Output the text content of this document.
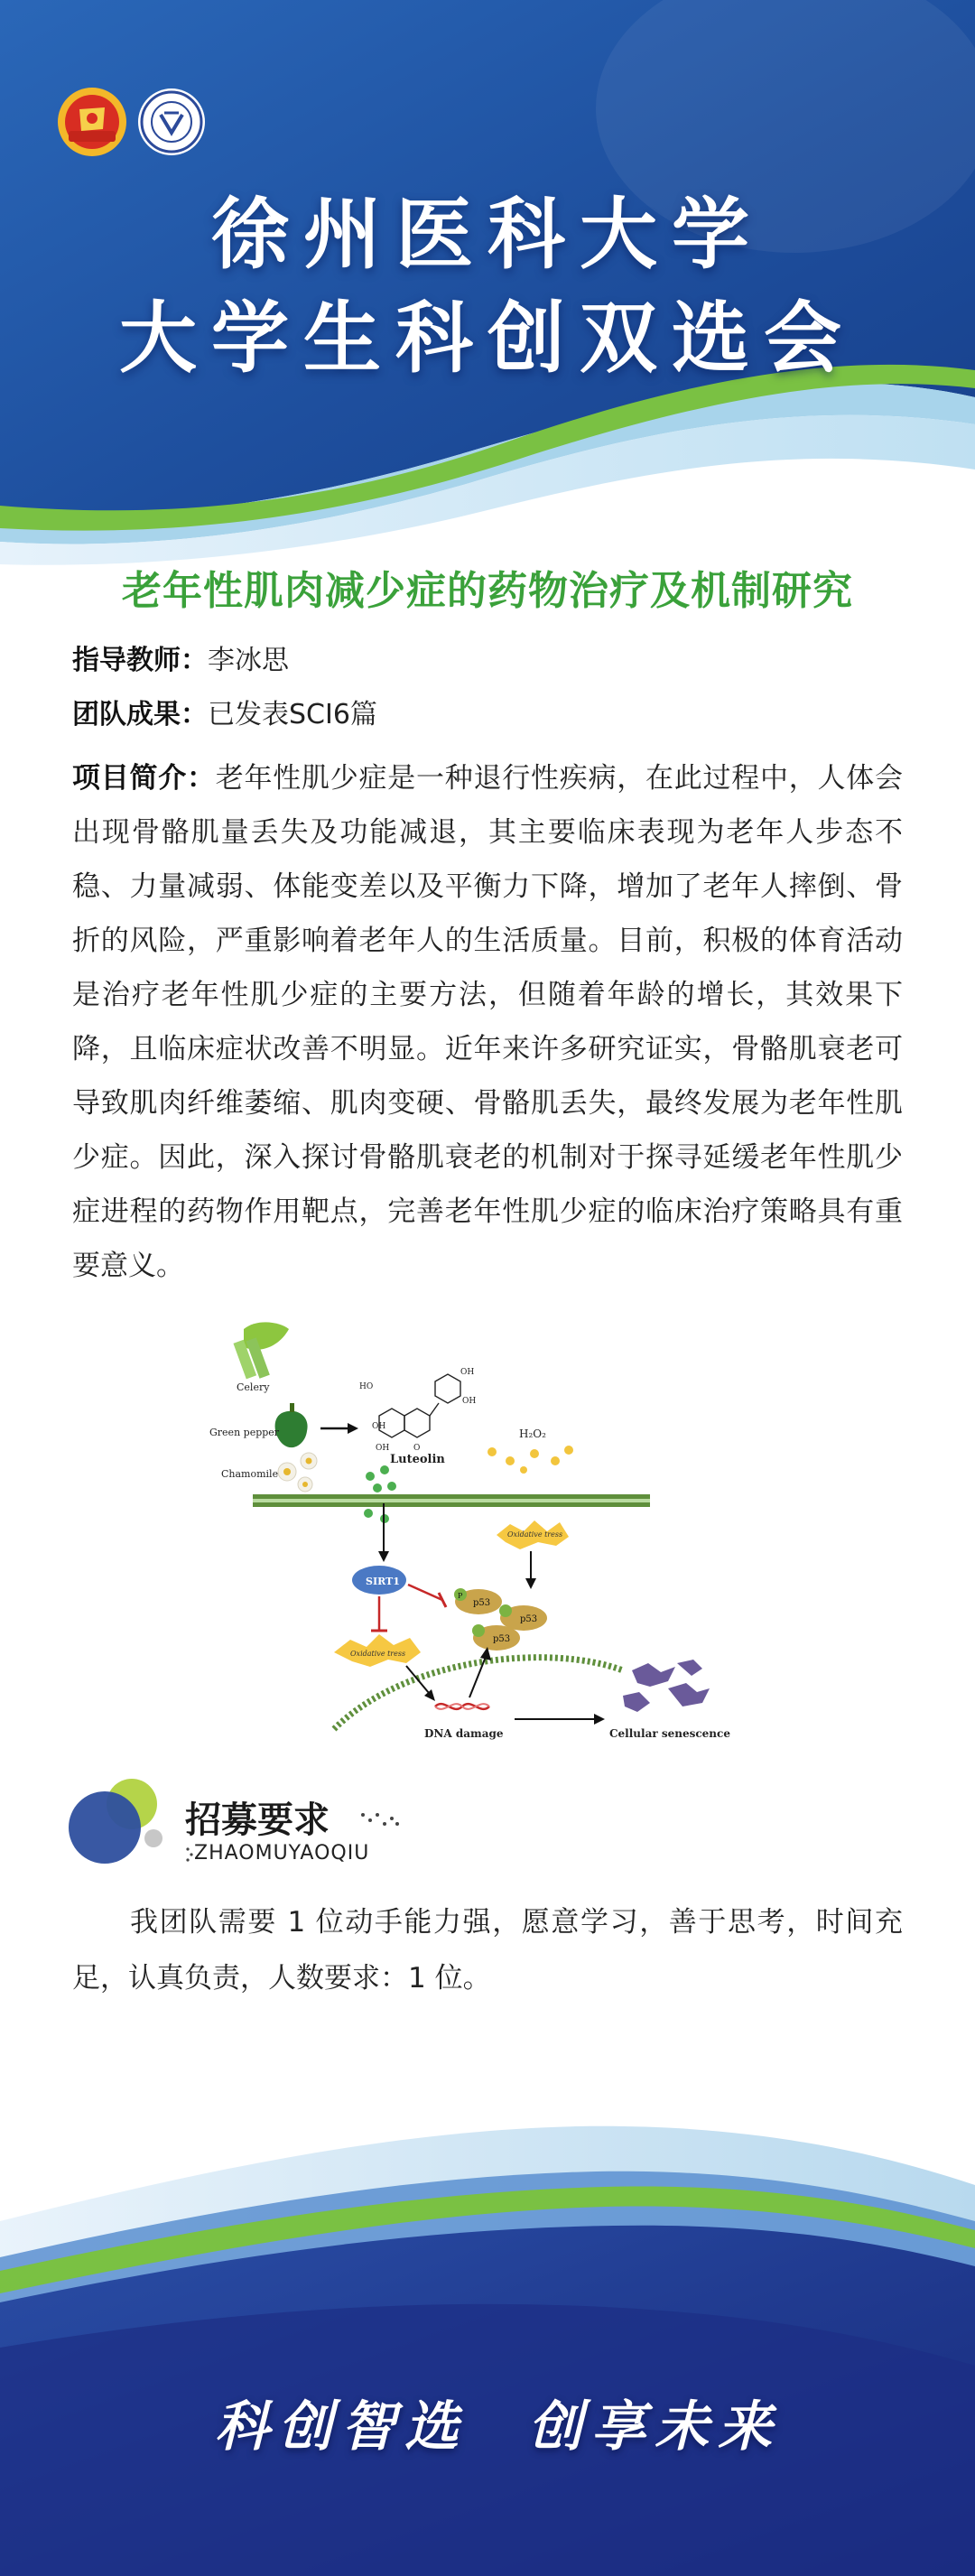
徐州医科大学
大学生科创双选会
老年性肌肉减少症的药物治疗及机制研究
指导教师：李冰思
团队成果：已发表SCI6篇
项目简介：老年性肌少症是一种退行性疾病，在此过程中，人体会出现骨骼肌量丢失及功能减退，其主要临床表现为老年人步态不稳、力量减弱、体能变差以及平衡力下降，增加了老年人摔倒、骨折的风险，严重影响着老年人的生活质量。目前，积极的体育活动是治疗老年性肌少症的主要方法，但随着年龄的增长，其效果下降，且临床症状改善不明显。近年来许多研究证实，骨骼肌衰老可导致肌肉纤维萎缩、肌肉变硬、骨骼肌丢失，最终发展为老年性肌少症。因此，深入探讨骨骼肌衰老的机制对于探寻延缓老年性肌少症进程的药物作用靶点，完善老年性肌少症的临床治疗策略具有重要意义。
Celery
Green pepper
Chamomile
HO
OH
OH
OH	O
OH
Luteolin
H₂O₂
Oxidative tress
SIRT1
P
p53
p53
p53
Oxidative tress
DNA damage	Cellular senescence
招募要求
ZHAOMUYAOQIU
我团队需要 1 位动手能力强，愿意学习，善于思考，时间充足，认真负责，人数要求：1 位。
科创智选 创享未来
